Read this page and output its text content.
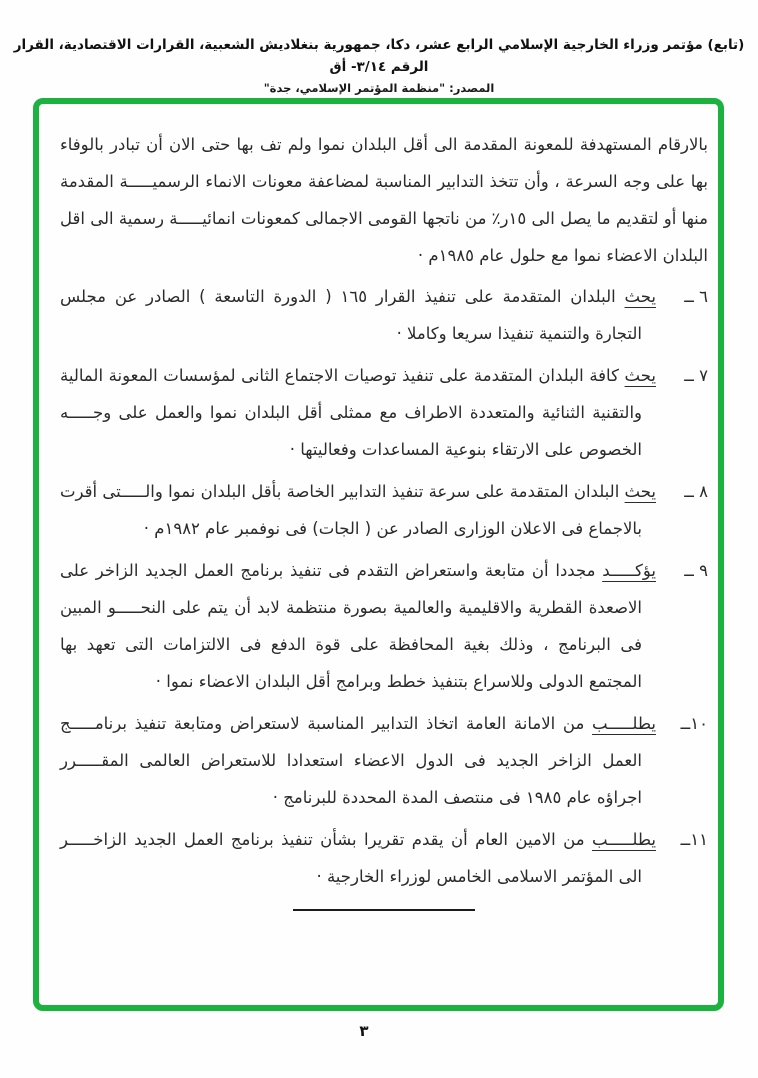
(تابع) مؤتمر وزراء الخارجية الإسلامي الرابع عشر، دكا، جمهورية بنغلاديش الشعبية، القرارات الاقتصادية، القرار الرقم ٣/١٤- أق
المصدر: "منظمة المؤتمر الإسلامي، جدة"

بالارقام المستهدفة للمعونة المقدمة الى أقل البلدان نموا ولم تف بها حتى الان أن تبادر بالوفاء بها على وجه السرعة ، وأن تتخذ التدابير المناسبة لمضاعفة معونات الانماء الرسميـــــة المقدمة منها أو لتقديم ما يصل الى ١٥ر٪ من ناتجها القومى الاجمالى كمعونات انمائيـــــة رسمية الى اقل البلدان الاعضاء نموا مع حلول عام ١٩٨٥م ·

٦ ــيحث البلدان المتقدمة على تنفيذ القرار ١٦٥ ( الدورة التاسعة ) الصادر عن مجلس التجارة والتنمية تنفيذا سريعا وكاملا ·
٧ ــيحث كافة البلدان المتقدمة على تنفيذ توصيات الاجتماع الثانى لمؤسسات المعونة المالية والتقنية الثنائية والمتعددة الاطراف مع ممثلى أقل البلدان نموا والعمل على وجـــــه الخصوص على الارتقاء بنوعية المساعدات وفعاليتها ·
٨ ــيحث البلدان المتقدمة على سرعة تنفيذ التدابير الخاصة بأقل البلدان نموا والـــــتى أقرت بالاجماع فى الاعلان الوزارى الصادر عن ( الجات) فى نوفمبر عام ١٩٨٢م ·
٩ ــيؤكـــــد مجددا أن متابعة واستعراض التقدم فى تنفيذ برنامج العمل الجديد الزاخر على الاصعدة القطرية والاقليمية والعالمية بصورة منتظمة لابد أن يتم على النحـــــو المبين فى البرنامج ، وذلك بغية المحافظة على قوة الدفع فى الالتزامات التى تعهد بها المجتمع الدولى وللاسراع بتنفيذ خطط وبرامج أقل البلدان الاعضاء نموا ·
١٠ــيطلـــــب من الامانة العامة اتخاذ التدابير المناسبة لاستعراض ومتابعة تنفيذ برنامـــــج العمل الزاخر الجديد فى الدول الاعضاء استعدادا للاستعراض العالمى المقـــــرر اجراؤه عام ١٩٨٥ فى منتصف المدة المحددة للبرنامج ·
١١ــيطلـــــب من الامين العام أن يقدم تقريرا بشأن تنفيذ برنامج العمل الجديد الزاخـــــر الى المؤتمر الاسلامى الخامس لوزراء الخارجية ·
٣
